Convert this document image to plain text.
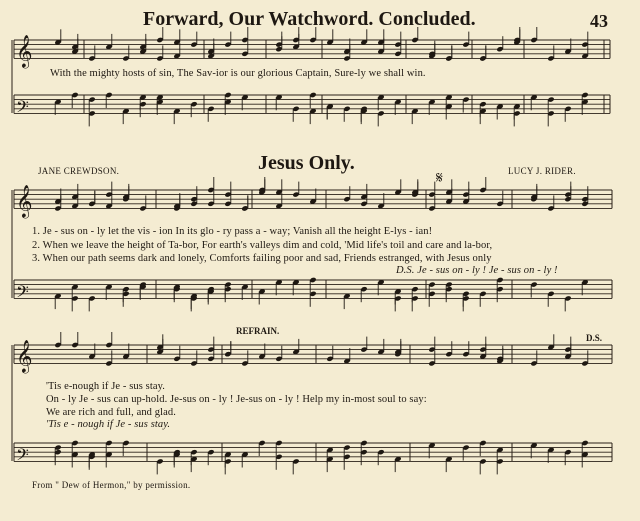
𝄞
𝄢
𝄞
𝄢
𝄞
𝄢
Forward, Our Watchword. Concluded.	43
With the mighty hosts of sin, The Sav-ior is our glorious Captain, Sure-ly we shall win.
JANE CREWDSON.	Jesus Only.	LUCY J. RIDER.
𝄋
1. Je - sus on - ly let the vis - ion In its glo - ry pass a - way; Vanish all the height E-lys - ian!
2. When we leave the height of Ta-bor, For earth's valleys dim and cold, 'Mid life's toil and care and la-bor,
3. When our path seems dark and lonely, Comforts failing poor and sad, Friends estranged, with Jesus only
D.S. Je - sus on - ly ! Je - sus on - ly !
REFRAIN.
D.S.
'Tis e-nough if Je - sus stay.
On - ly Je - sus can up-hold. Je-sus on - ly ! Je-sus on - ly ! Help my in-most soul to say:
We are rich and full, and glad.
'Tis e - nough if Je - sus stay.
From " Dew of Hermon," by permission.
